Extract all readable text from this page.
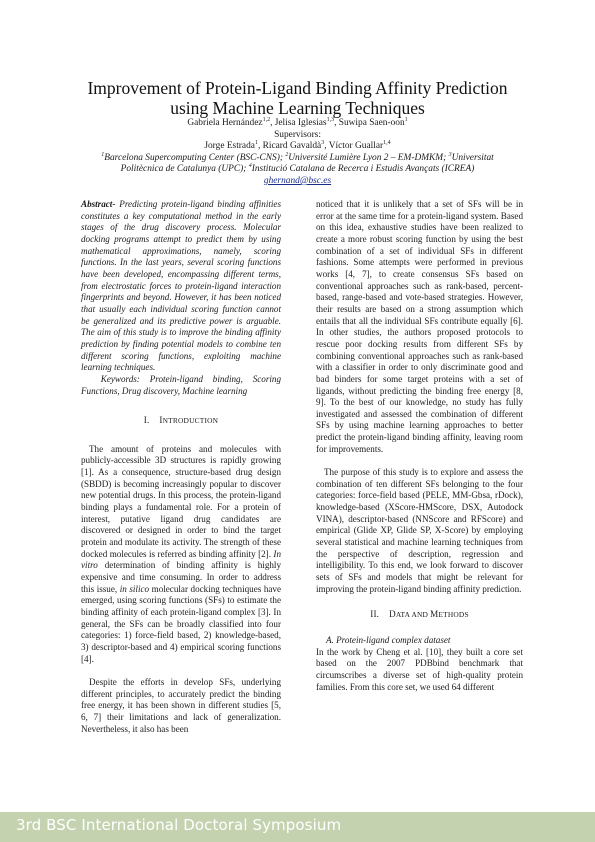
Improvement of Protein-Ligand Binding Affinity Prediction
using Machine Learning Techniques
Gabriela Hernández$^{1,2}$, Jelisa Iglesias$^{1,3}$, Suwipa Saen-oon$^1$
Supervisors:
Jorge Estrada$^1$, Ricard Gavaldà$^3$, Víctor Guallar$^{1,4}$
$^1$Barcelona Supercomputing Center (BSC-CNS); $^2$Université Lumière Lyon 2 – EM-DMKM; $^3$Universitat
Politècnica de Catalunya (UPC); $^4$Institució Catalana de Recerca i Estudis Avançats (ICREA)
ghernand@bsc.es
Abstract- Predicting protein-ligand binding affinities constitutes a key computational method in the early stages of the drug discovery process. Molecular docking programs attempt to predict them by using mathematical approximations, namely, scoring functions. In the last years, several scoring functions have been developed, encompassing different terms, from electrostatic forces to protein-ligand interaction fingerprints and beyond. However, it has been noticed that usually each individual scoring function cannot be generalized and its predictive power is arguable. The aim of this study is to improve the binding affinity prediction by finding potential models to combine ten different scoring functions, exploiting machine learning techniques.
Keywords: Protein-ligand binding, Scoring Functions, Drug discovery, Machine learning
I. INTRODUCTION

The amount of proteins and molecules with publicly-accessible 3D structures is rapidly growing [1]. As a consequence, structure-based drug design (SBDD) is becoming increasingly popular to discover new potential drugs. In this process, the protein-ligand binding plays a fundamental role. For a protein of interest, putative ligand drug candidates are discovered or designed in order to bind the target protein and modulate its activity. The strength of these docked molecules is referred as binding affinity [2]. In vitro determination of binding affinity is highly expensive and time consuming. In order to address this issue, in silico molecular docking techniques have emerged, using scoring functions (SFs) to estimate the binding affinity of each protein-ligand complex [3]. In general, the SFs can be broadly classified into four categories: 1) force-field based, 2) knowledge-based, 3) descriptor-based and 4) empirical scoring functions [4].

Despite the efforts in develop SFs, underlying different principles, to accurately predict the binding free energy, it has been shown in different studies [5, 6, 7] their limitations and lack of generalization. Nevertheless, it also has been

noticed that it is unlikely that a set of SFs will be in error at the same time for a protein-ligand system. Based on this idea, exhaustive studies have been realized to create a more robust scoring function by using the best combination of a set of individual SFs in different fashions. Some attempts were performed in previous works [4, 7], to create consensus SFs based on conventional approaches such as rank-based, percent-based, range-based and vote-based strategies. However, their results are based on a strong assumption which entails that all the individual SFs contribute equally [6]. In other studies, the authors proposed protocols to rescue poor docking results from different SFs by combining conventional approaches such as rank-based with a classifier in order to only discriminate good and bad binders for some target proteins with a set of ligands, without predicting the binding free energy [8, 9]. To the best of our knowledge, no study has fully investigated and assessed the combination of different SFs by using machine learning approaches to better predict the protein-ligand binding affinity, leaving room for improvements.

The purpose of this study is to explore and assess the combination of ten different SFs belonging to the four categories: force-field based (PELE, MM-Gbsa, rDock), knowledge-based (XScore-HMScore, DSX, Autodock VINA), descriptor-based (NNScore and RFScore) and empirical (Glide XP, Glide SP, X-Score) by employing several statistical and machine learning techniques from the perspective of description, regression and intelligibility. To this end, we look forward to discover sets of SFs and models that might be relevant for improving the protein-ligand binding affinity prediction.

II. DATA AND METHODS
A. Protein-ligand complex dataset

In the work by Cheng et al. [10], they built a core set based on the 2007 PDBbind benchmark that circumscribes a diverse set of high-quality protein families. From this core set, we used 64 different

3rd BSC International Doctoral Symposium
